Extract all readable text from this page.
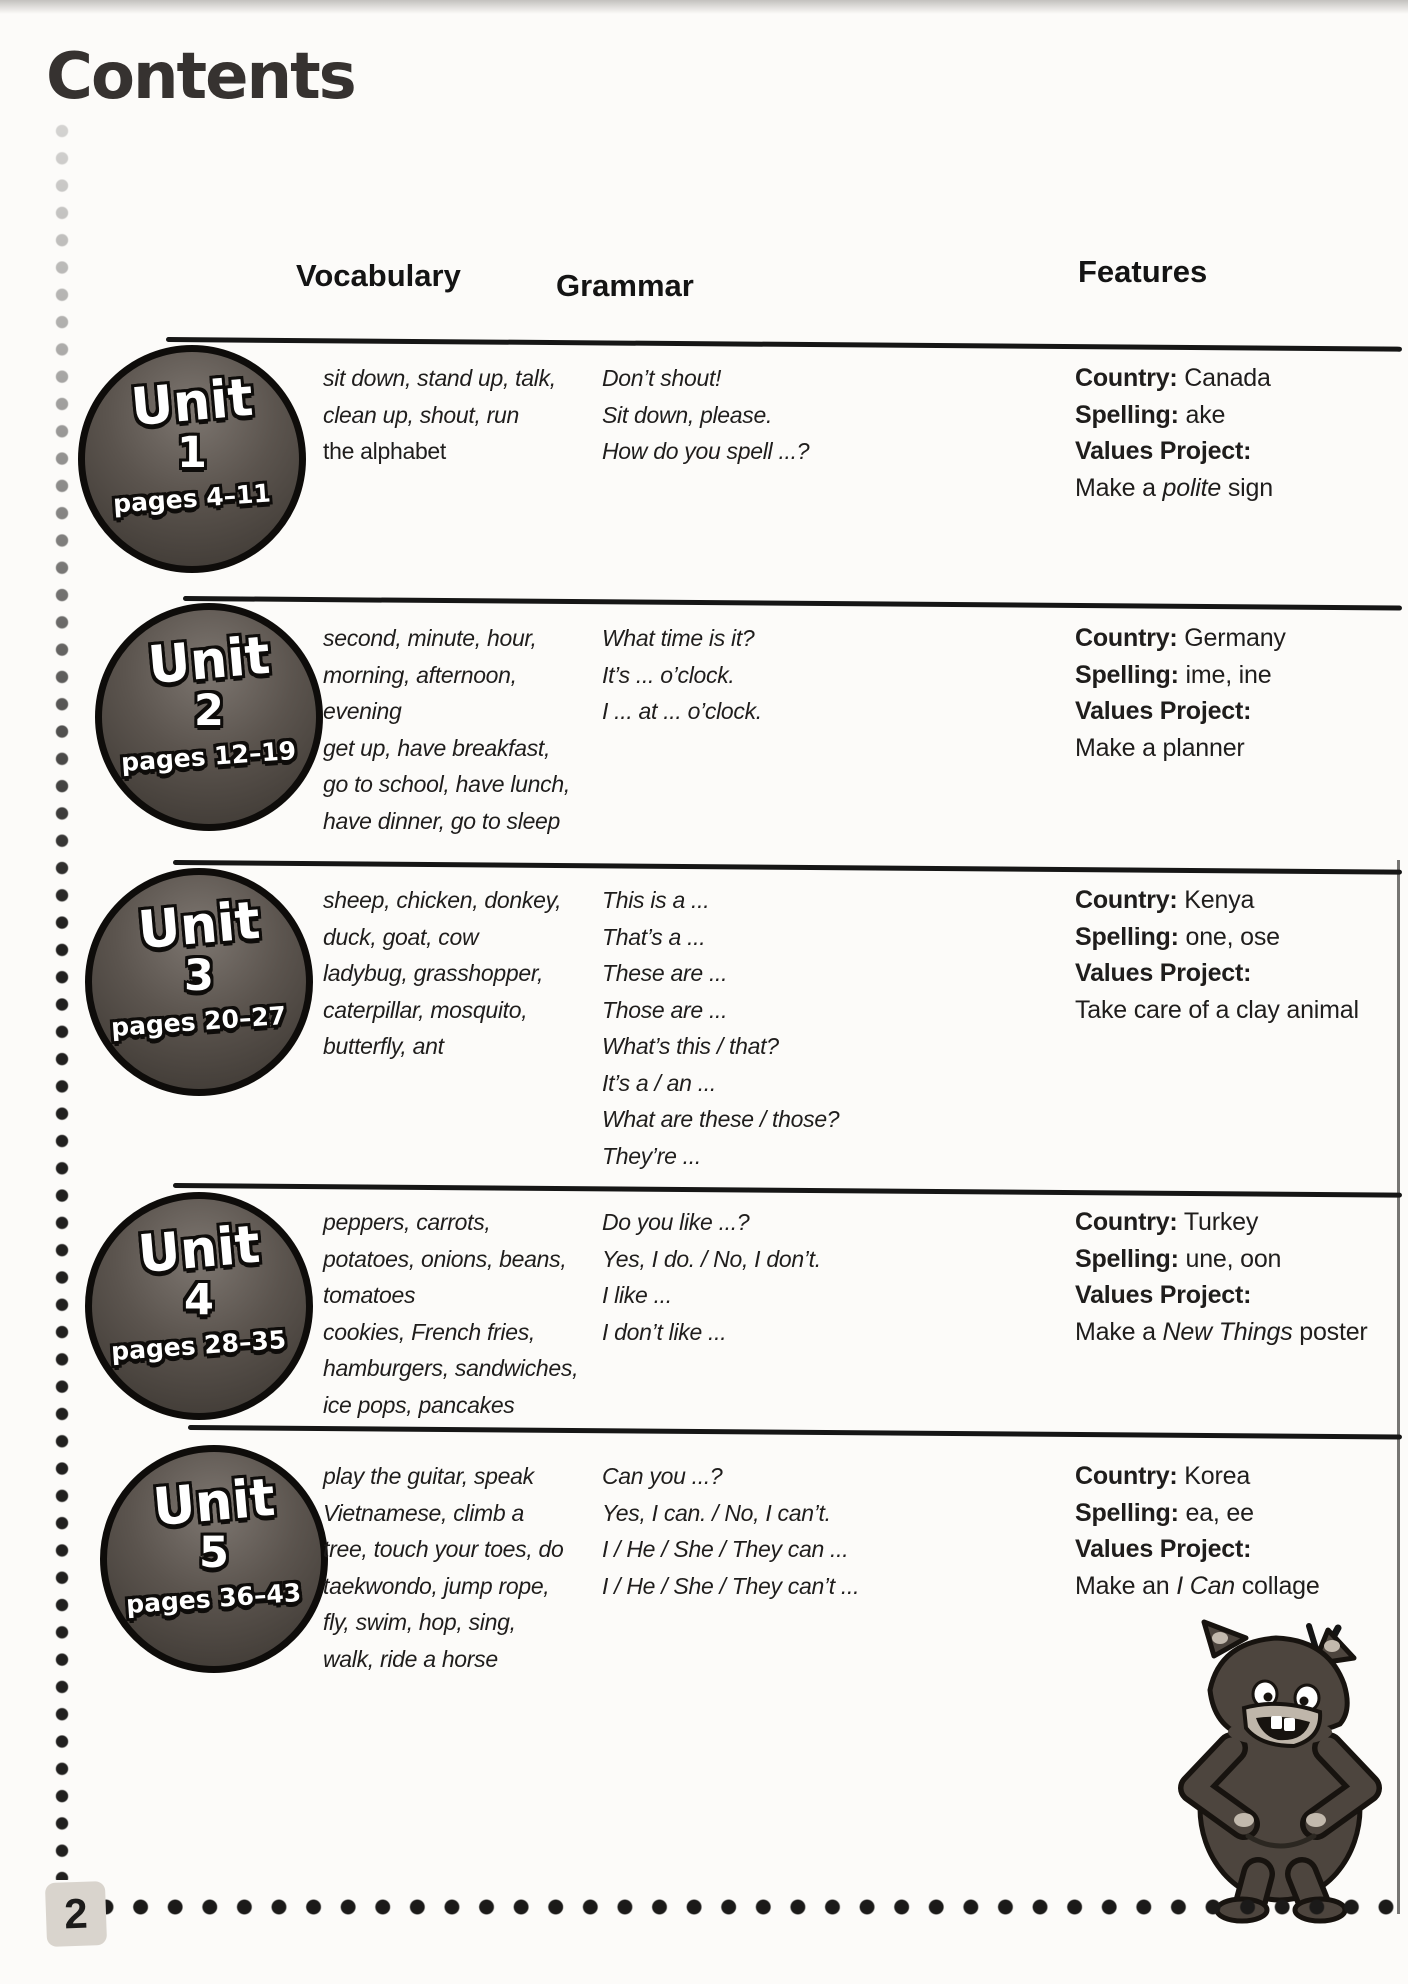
Contents
Vocabulary	Grammar	Features
2
Unit
1
pages 4–11
sit down, stand up, talk,
clean up, shout, run
the alphabet
Don’t shout!
Sit down, please.
How do you spell ...?
Country: Canada
Spelling: ake
Values Project:
Make a polite sign
Unit
2
pages 12–19
second, minute, hour,
morning, afternoon,
evening
get up, have breakfast,
go to school, have lunch,
have dinner, go to sleep
What time is it?
It’s ... o’clock.
I ... at ... o’clock.
Country: Germany
Spelling: ime, ine
Values Project:
Make a planner
Unit
3
pages 20–27
sheep, chicken, donkey,
duck, goat, cow
ladybug, grasshopper,
caterpillar, mosquito,
butterfly, ant
This is a ...
That’s a ...
These are ...
Those are ...
What’s this / that?
It’s a / an ...
What are these / those?
They’re ...
Country: Kenya
Spelling: one, ose
Values Project:
Take care of a clay animal
Unit
4
pages 28–35
peppers, carrots,
potatoes, onions, beans,
tomatoes
cookies, French fries,
hamburgers, sandwiches,
ice pops, pancakes
Do you like ...?
Yes, I do. / No, I don’t.
I like ...
I don’t like ...
Country: Turkey
Spelling: une, oon
Values Project:
Make a New Things poster
Unit
5
pages 36–43
play the guitar, speak
Vietnamese, climb a
tree, touch your toes, do
taekwondo, jump rope,
fly, swim, hop, sing,
walk, ride a horse
Can you ...?
Yes, I can. / No, I can’t.
I / He / She / They can ...
I / He / She / They can’t ...
Country: Korea
Spelling: ea, ee
Values Project:
Make an I Can collage
